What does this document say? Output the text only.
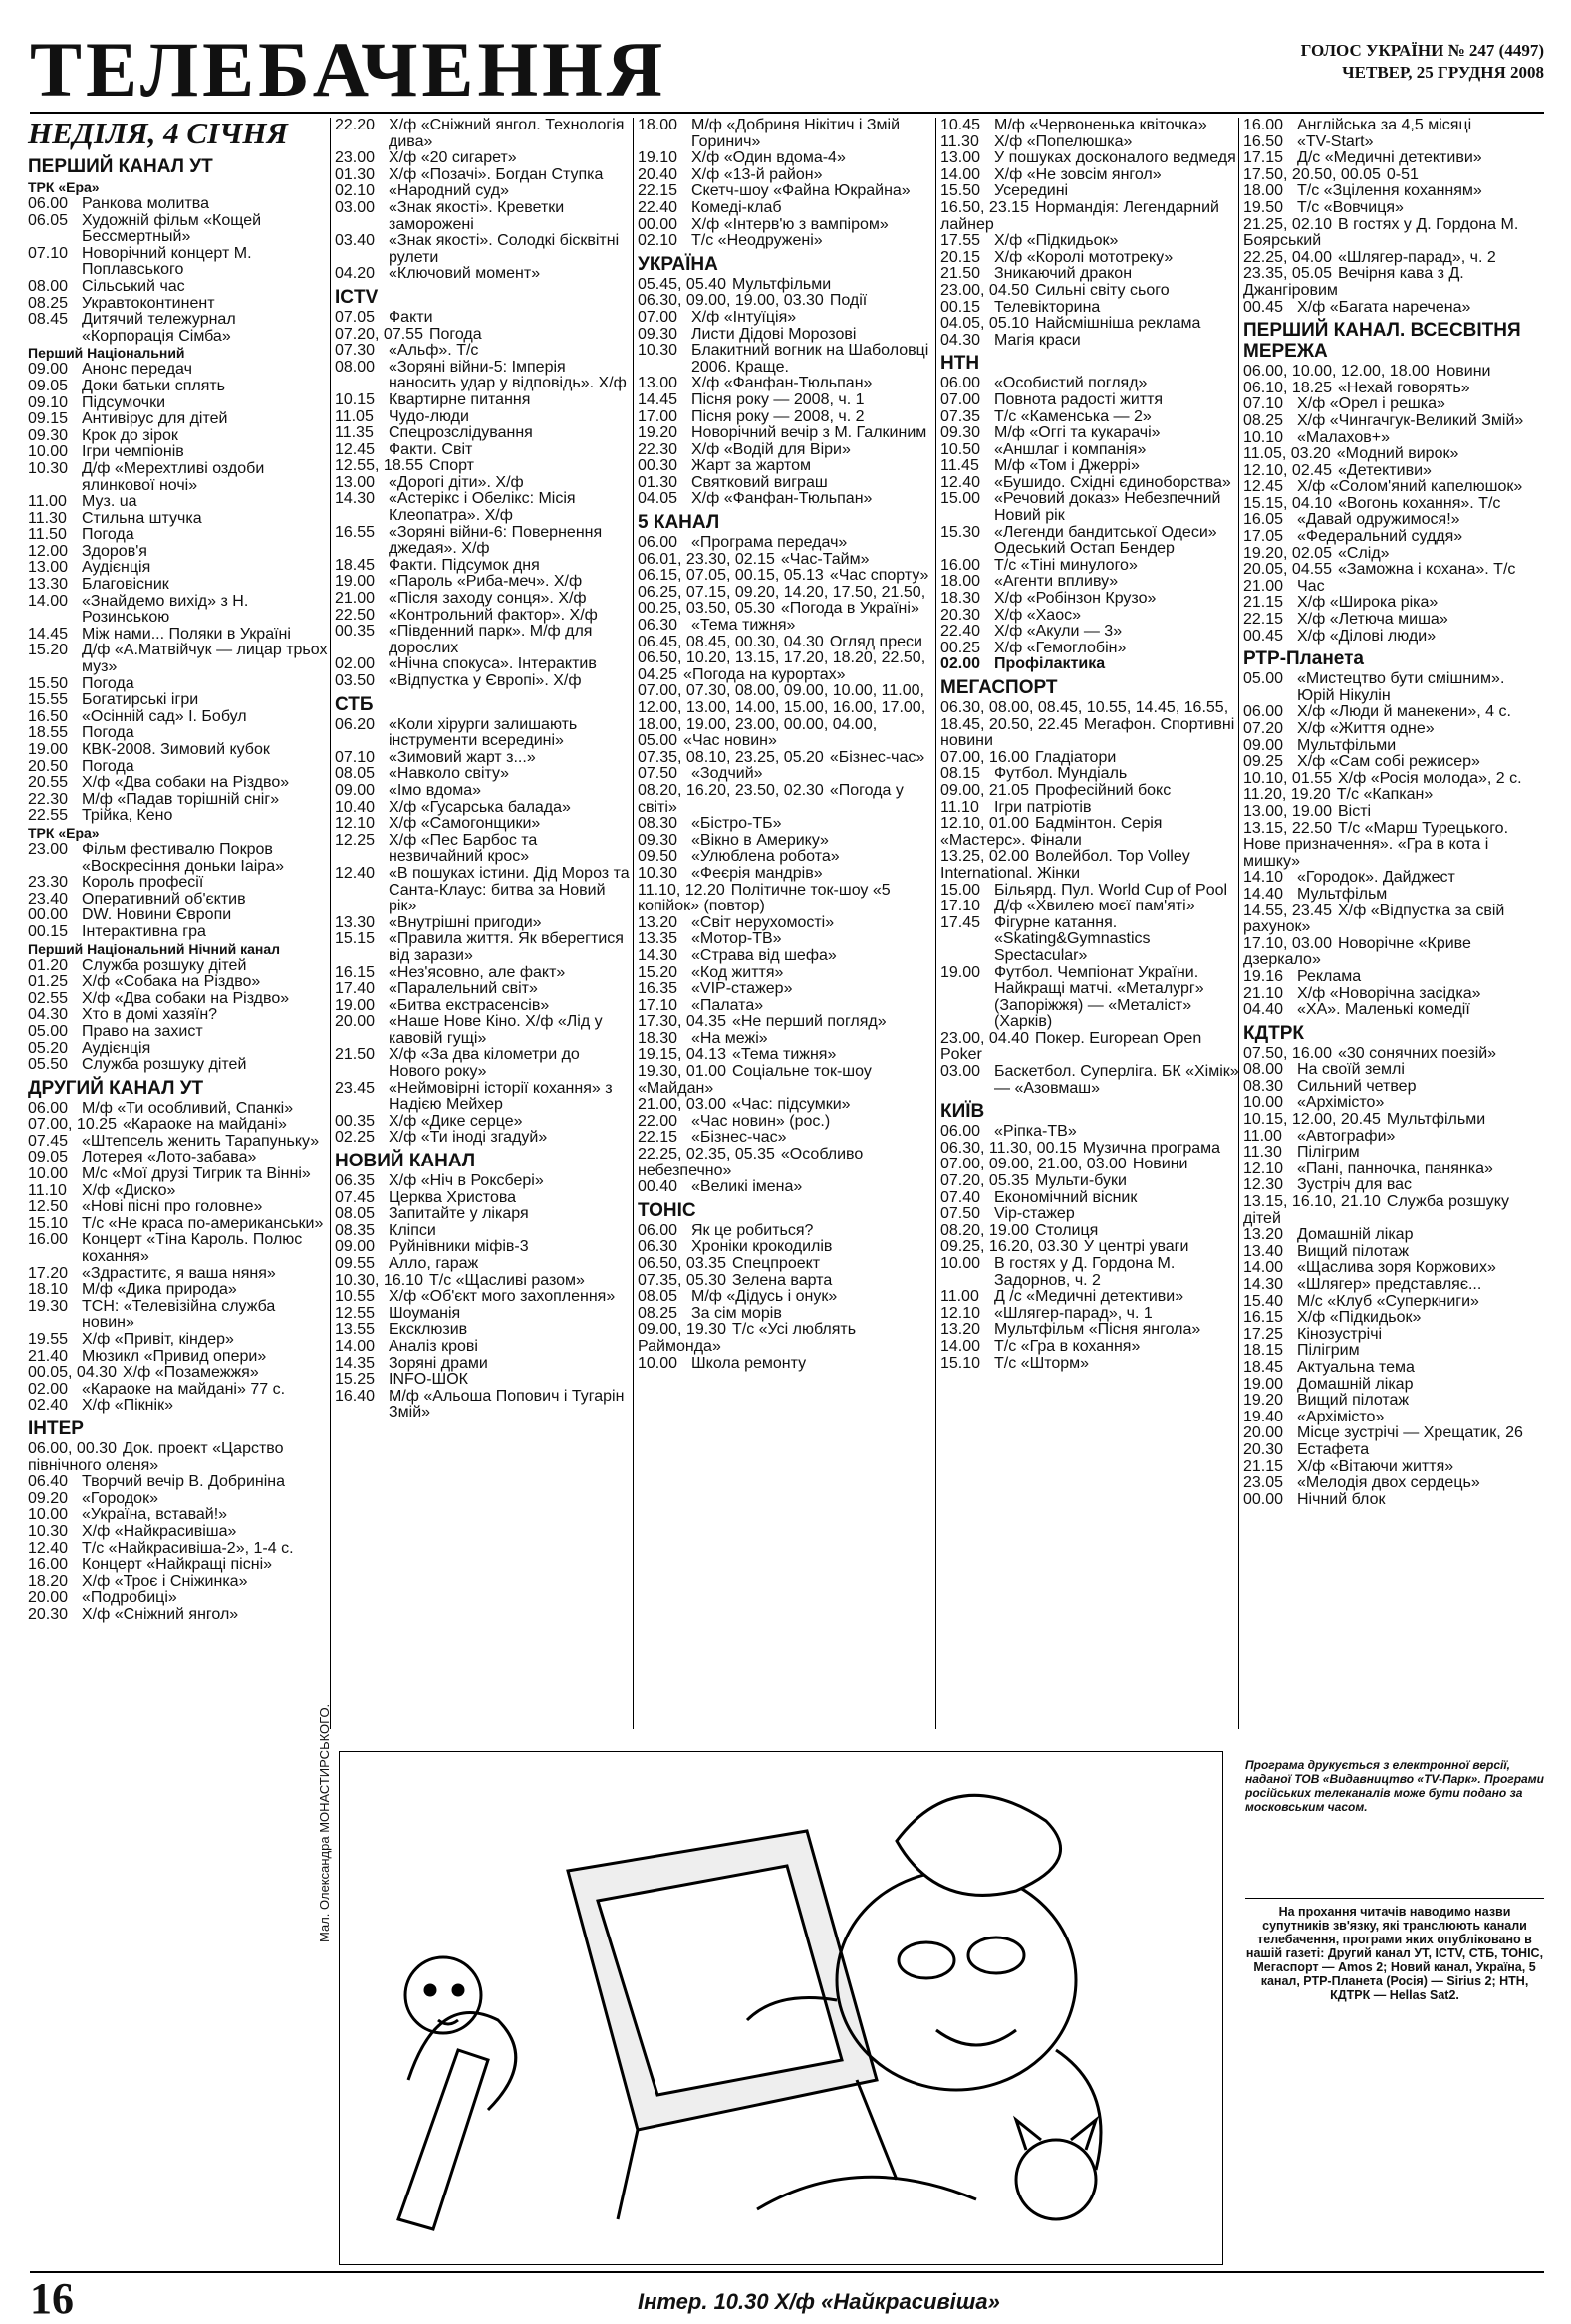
ТЕЛЕБАЧЕННЯ	ГОЛОС УКРАЇНИ № 247 (4497)
ЧЕТВЕР, 25 ГРУДНЯ 2008
НЕДІЛЯ, 4 СІЧНЯ
ПЕРШИЙ КАНАЛ УТ
ТРК «Ера»
06.00 Ранкова молитва
06.05 Художній фільм «Кощей Бессмертный»
07.10 Новорічний концерт М. Поплавського
08.00 Сільський час
08.25 Укравтоконтинент
08.45 Дитячий тележурнал «Корпорація Сімба»
Перший Національний
09.00 Анонс передач
09.05 Доки батьки сплять
09.10 Підсумочки
09.15 Антивірус для дітей
09.30 Крок до зірок
10.00 Ігри чемпіонів
10.30 Д/ф «Мерехтливі оздоби ялинкової ночі»
11.00 Муз. ua
11.30 Стильна штучка
11.50 Погода
12.00 Здоров'я
13.00 Аудієнція
13.30 Благовісник
14.00 «Знайдемо вихід» з Н. Розинською
14.45 Між нами... Поляки в Україні
15.20 Д/ф «А.Матвійчук — лицар трьох муз»
15.50 Погода
15.55 Богатирські ігри
16.50 «Осінній сад» І. Бобул
18.55 Погода
19.00 КВК-2008. Зимовий кубок
20.50 Погода
20.55 Х/ф «Два собаки на Різдво»
22.30 М/ф «Падав торішній сніг»
22.55 Трійка, Кено
ТРК «Ера»
23.00 Фільм фестивалю Покров «Воскресіння доньки Іаіра»
23.30 Король професії
23.40 Оперативний об'єктив
00.00 DW. Новини Європи
00.15 Інтерактивна гра
Перший Національний Нічний канал
01.20 Служба розшуку дітей
01.25 Х/ф «Собака на Різдво»
02.55 Х/ф «Два собаки на Різдво»
04.30 Хто в домі хазяїн?
05.00 Право на захист
05.20 Аудієнція
05.50 Служба розшуку дітей
ДРУГИЙ КАНАЛ УТ
06.00 М/ф «Ти особливий, Спанкі»
07.00, 10.25 «Караоке на майдані»
07.45 «Штепсель женить Тарапуньку»
09.05 Лотерея «Лото-забава»
10.00 М/с «Мої друзі Тигрик та Вінні»
11.10 Х/ф «Диско»
12.50 «Нові пісні про головне»
15.10 Т/с «Не краса по-американськи»
16.00 Концерт «Тіна Кароль. Полюс кохання»
17.20 «Здраститє, я ваша няня»
18.10 М/ф «Дика природа»
19.30 ТСН: «Телевізійна служба новин»
19.55 Х/ф «Привіт, кіндер»
21.40 Мюзикл «Привид опери»
00.05, 04.30 Х/ф «Позамежжя»
02.00 «Караоке на майдані» 77 с.
02.40 Х/ф «Пікнік»
ІНТЕР
06.00, 00.30 Док. проект «Царство північного оленя»
06.40 Творчий вечір В. Добриніна
09.20 «Городок»
10.00 «Україна, вставай!»
10.30 Х/ф «Найкрасивіша»
12.40 Т/с «Найкрасивіша-2», 1-4 с.
16.00 Концерт «Найкращі пісні»
18.20 Х/ф «Троє і Сніжинка»
20.00 «Подробиці»
20.30 Х/ф «Сніжний янгол»
22.20 Х/ф «Сніжний янгол. Технологія дива»
23.00 Х/ф «20 сигарет»
01.30 Х/ф «Позачі». Богдан Ступка
02.10 «Народний суд»
03.00 «Знак якості». Креветки заморожені
03.40 «Знак якості». Солодкі бісквітні рулети
04.20 «Ключовий момент»
ICTV
07.05 Факти
07.20, 07.55 Погода
07.30 «Альф». Т/с
08.00 «Зоряні війни-5: Імперія наносить удар у відповідь». Х/ф
10.15 Квартирне питання
11.05 Чудо-люди
11.35 Спецрозслідування
12.45 Факти. Світ
12.55, 18.55 Спорт
13.00 «Дорогі діти». Х/ф
14.30 «Астерікс і Обелікс: Місія Клеопатра». Х/ф
16.55 «Зоряні війни-6: Повернення джедая». Х/ф
18.45 Факти. Підсумок дня
19.00 «Пароль «Риба-меч». Х/ф
21.00 «Після заходу сонця». Х/ф
22.50 «Контрольний фактор». Х/ф
00.35 «Південний парк». М/ф для дорослих
02.00 «Нічна спокуса». Інтерактив
03.50 «Відпустка у Європі». Х/ф
СТБ
06.20 «Коли хірурги залишають інструменти всередині»
07.10 «Зимовий жарт з...»
08.05 «Навколо світу»
09.00 «Імо вдома»
10.40 Х/ф «Гусарська балада»
12.10 Х/ф «Самогонщики»
12.25 Х/ф «Пес Барбос та незвичайний крос»
12.40 «В пошуках істини. Дід Мороз та Санта-Клаус: битва за Новий рік»
13.30 «Внутрішні пригоди»
15.15 «Правила життя. Як вберегтися від зарази»
16.15 «Нез'ясовно, але факт»
17.40 «Паралельний світ»
19.00 «Битва екстрасенсів»
20.00 «Наше Нове Кіно. Х/ф «Лід у кавовій гущі»
21.50 Х/ф «За два кілометри до Нового року»
23.45 «Неймовірні історії кохання» з Надією Мейхер
00.35 Х/ф «Дике серце»
02.25 Х/ф «Ти іноді згадуй»
НОВИЙ КАНАЛ
06.35 Х/ф «Ніч в Роксбері»
07.45 Церква Христова
08.05 Запитайте у лікаря
08.35 Кліпси
09.00 Руйнівники міфів-3
09.55 Алло, гараж
10.30, 16.10 Т/с «Щасливі разом»
10.55 Х/ф «Об'єкт мого захоплення»
12.55 Шоуманія
13.55 Ексклюзив
14.00 Аналіз крові
14.35 Зоряні драми
15.25 INFO-ШОК
16.40 М/ф «Альоша Попович і Тугарін Змій»
18.00 М/ф «Добриня Нікітич і Змій Горинич»
19.10 Х/ф «Один вдома-4»
20.40 Х/ф «13-й район»
22.15 Скетч-шоу «Файна Юкрайна»
22.40 Комеді-клаб
00.00 Х/ф «Інтерв'ю з вампіром»
02.10 Т/с «Неодружені»
УКРАЇНА
05.45, 05.40 Мультфільми
06.30, 09.00, 19.00, 03.30 Події
07.00 Х/ф «Інтуїція»
09.30 Листи Дідові Морозові
10.30 Блакитний вогник на Шаболовці 2006. Краще.
13.00 Х/ф «Фанфан-Тюльпан»
14.45 Пісня року — 2008, ч. 1
17.00 Пісня року — 2008, ч. 2
19.20 Новорічний вечір з М. Галкиним
22.30 Х/ф «Водій для Віри»
00.30 Жарт за жартом
01.30 Святковий виграш
04.05 Х/ф «Фанфан-Тюльпан»
5 КАНАЛ
06.00 «Програма передач»
06.01, 23.30, 02.15 «Час-Тайм»
06.15, 07.05, 00.15, 05.13 «Час спорту»
06.25, 07.15, 09.20, 14.20, 17.50, 21.50, 00.25, 03.50, 05.30 «Погода в Україні»
06.30 «Тема тижня»
06.45, 08.45, 00.30, 04.30 Огляд преси
06.50, 10.20, 13.15, 17.20, 18.20, 22.50, 04.25 «Погода на курортах»
07.00, 07.30, 08.00, 09.00, 10.00, 11.00, 12.00, 13.00, 14.00, 15.00, 16.00, 17.00, 18.00, 19.00, 23.00, 00.00, 04.00, 05.00 «Час новин»
07.35, 08.10, 23.25, 05.20 «Бізнес-час»
07.50 «Зодчий»
08.20, 16.20, 23.50, 02.30 «Погода у світі»
08.30 «Бістро-ТБ»
09.30 «Вікно в Америку»
09.50 «Улюблена робота»
10.30 «Феєрія мандрів»
11.10, 12.20 Політичне ток-шоу «5 копійок» (повтор)
13.20 «Світ нерухомості»
13.35 «Мотор-ТВ»
14.30 «Страва від шефа»
15.20 «Код життя»
16.35 «VIP-стажер»
17.10 «Палата»
17.30, 04.35 «Не перший погляд»
18.30 «На межі»
19.15, 04.13 «Тема тижня»
19.30, 01.00 Соціальне ток-шоу «Майдан»
21.00, 03.00 «Час: підсумки»
22.00 «Час новин» (рос.)
22.15 «Бізнес-час»
22.25, 02.35, 05.35 «Особливо небезпечно»
00.40 «Великі імена»
ТОНІС
06.00 Як це робиться?
06.30 Хроніки крокодилів
06.50, 03.35 Спецпроект
07.35, 05.30 Зелена варта
08.05 М/ф «Дідусь і онук»
08.25 За сім морів
09.00, 19.30 Т/с «Усі люблять Раймонда»
10.00 Школа ремонту
10.45 М/ф «Червоненька квіточка»
11.30 Х/ф «Попелюшка»
13.00 У пошуках досконалого ведмедя
14.00 Х/ф «Не зовсім янгол»
15.50 Усередині
16.50, 23.15 Нормандія: Легендарний лайнер
17.55 Х/ф «Підкидьок»
20.15 Х/ф «Королі мототреку»
21.50 Зникаючий дракон
23.00, 04.50 Сильні світу сього
00.15 Телевікторина
04.05, 05.10 Найсмішніша реклама
04.30 Магія краси
НТН
06.00 «Особистий погляд»
07.00 Повнота радості життя
07.35 Т/с «Каменська — 2»
09.30 М/ф «Оггі та кукарачі»
10.50 «Аншлаг і компанія»
11.45 М/ф «Том і Джеррі»
12.40 «Бушидо. Східні єдиноборства»
15.00 «Речовий доказ» Небезпечний Новий рік
15.30 «Легенди бандитської Одеси» Одеський Остап Бендер
16.00 Т/с «Тіні минулого»
18.00 «Агенти впливу»
18.30 Х/ф «Робінзон Крузо»
20.30 Х/ф «Хаос»
22.40 Х/ф «Акули — 3»
00.25 Х/ф «Гемоглобін»
02.00 Профілактика
МЕГАСПОРТ
06.30, 08.00, 08.45, 10.55, 14.45, 16.55, 18.45, 20.50, 22.45 Мегафон. Спортивні новини
07.00, 16.00 Гладіатори
08.15 Футбол. Мундіаль
09.00, 21.05 Професійний бокс
11.10 Ігри патріотів
12.10, 01.00 Бадмінтон. Серія «Мастерс». Фінали
13.25, 02.00 Волейбол. Тор Volley International. Жінки
15.00 Більярд. Пул. World Cup of Pool
17.10 Д/ф «Хвилею моєї пам'яті»
17.45 Фігурне катання. «Skating&Gymnastics Spectacular»
19.00 Футбол. Чемпіонат України. Найкращі матчі. «Металург» (Запоріжжя) — «Металіст» (Харків)
23.00, 04.40 Покер. European Open Poker
03.00 Баскетбол. Суперліга. БК «Хімік» — «Азовмаш»
КИЇВ
06.00 «Ріпка-ТВ»
06.30, 11.30, 00.15 Музична програма
07.00, 09.00, 21.00, 03.00 Новини
07.20, 05.35 Мульти-буки
07.40 Економічний вісник
07.50 Vip-стажер
08.20, 19.00 Столиця
09.25, 16.20, 03.30 У центрі уваги
10.00 В гостях у Д. Гордона М. Задорнов, ч. 2
11.00 Д /с «Медичні детективи»
12.10 «Шлягер-парад», ч. 1
13.20 Мультфільм «Пісня янгола»
14.00 Т/с «Гра в кохання»
15.10 Т/с «Шторм»
16.00 Англійська за 4,5 місяці
16.50 «TV-Start»
17.15 Д/с «Медичні детективи»
17.50, 20.50, 00.05 0-51
18.00 Т/с «Зцілення коханням»
19.50 Т/с «Вовчиця»
21.25, 02.10 В гостях у Д. Гордона М. Боярський
22.25, 04.00 «Шлягер-парад», ч. 2
23.35, 05.05 Вечірня кава з Д. Джангіровим
00.45 Х/ф «Багата наречена»
ПЕРШИЙ КАНАЛ. ВСЕСВІТНЯ МЕРЕЖА
06.00, 10.00, 12.00, 18.00 Новини
06.10, 18.25 «Нехай говорять»
07.10 Х/ф «Орел і решка»
08.25 Х/ф «Чингачгук-Великий Змій»
10.10 «Малахов+»
11.05, 03.20 «Модний вирок»
12.10, 02.45 «Детективи»
12.45 Х/ф «Солом'яний капелюшок»
15.15, 04.10 «Вогонь кохання». Т/с
16.05 «Давай одружимося!»
17.05 «Федеральний суддя»
19.20, 02.05 «Слід»
20.05, 04.55 «Заможна і кохана». Т/с
21.00 Час
21.15 Х/ф «Широка ріка»
22.15 Х/ф «Летюча миша»
00.45 Х/ф «Ділові люди»
РТР-Планета
05.00 «Мистецтво бути смішним». Юрій Нікулін
06.00 Х/ф «Люди й манекени», 4 с.
07.20 Х/ф «Життя одне»
09.00 Мультфільми
09.25 Х/ф «Сам собі режисер»
10.10, 01.55 Х/ф «Росія молода», 2 с.
11.20, 19.20 Т/с «Капкан»
13.00, 19.00 Вісті
13.15, 22.50 Т/с «Марш Турецького. Нове призначення». «Гра в кота і мишку»
14.10 «Городок». Дайджест
14.40 Мультфільм
14.55, 23.45 Х/ф «Відпустка за свій рахунок»
17.10, 03.00 Новорічне «Криве дзеркало»
19.16 Реклама
21.10 Х/ф «Новорічна засідка»
04.40 «ХА». Маленькі комедії
КДТРК
07.50, 16.00 «30 сонячних поезій»
08.00 На своїй землі
08.30 Сильний четвер
10.00 «Архімісто»
10.15, 12.00, 20.45 Мультфільми
11.00 «Автографи»
11.30 Пілігрим
12.10 «Пані, панночка, панянка»
12.30 Зустріч для вас
13.15, 16.10, 21.10 Служба розшуку дітей
13.20 Домашній лікар
13.40 Вищий пілотаж
14.00 «Щаслива зоря Коржових»
14.30 «Шлягер» представляє...
15.40 М/с «Клуб «Суперкниги»
16.15 Х/ф «Підкидьок»
17.25 Кінозустрічі
18.15 Пілігрим
18.45 Актуальна тема
19.00 Домашній лікар
19.20 Вищий пілотаж
19.40 «Архімісто»
20.00 Місце зустрічі — Хрещатик, 26
20.30 Естафета
21.15 Х/ф «Вітаючи життя»
23.05 «Мелодія двох сердець»
00.00 Нічний блок
Мал. Олександра МОНАСТИРСЬКОГО.	Програма друкується з електронної версії, наданої ТОВ «Видавництво «TV-Парк». Програми російських телеканалів може бути подано за московським часом.
На прохання читачів наводимо назви супутників зв'язку, які транслюють канали телебачення, програми яких опубліковано в нашій газеті: Другий канал УТ, ICTV, СТБ, ТОНІС, Мегаспорт — Amos 2; Новий канал, Україна, 5 канал, РТР-Планета (Росія) — Sirius 2; НТН, КДТРК — Hellas Sat2.
16	Інтер. 10.30 Х/ф «Найкрасивіша»
